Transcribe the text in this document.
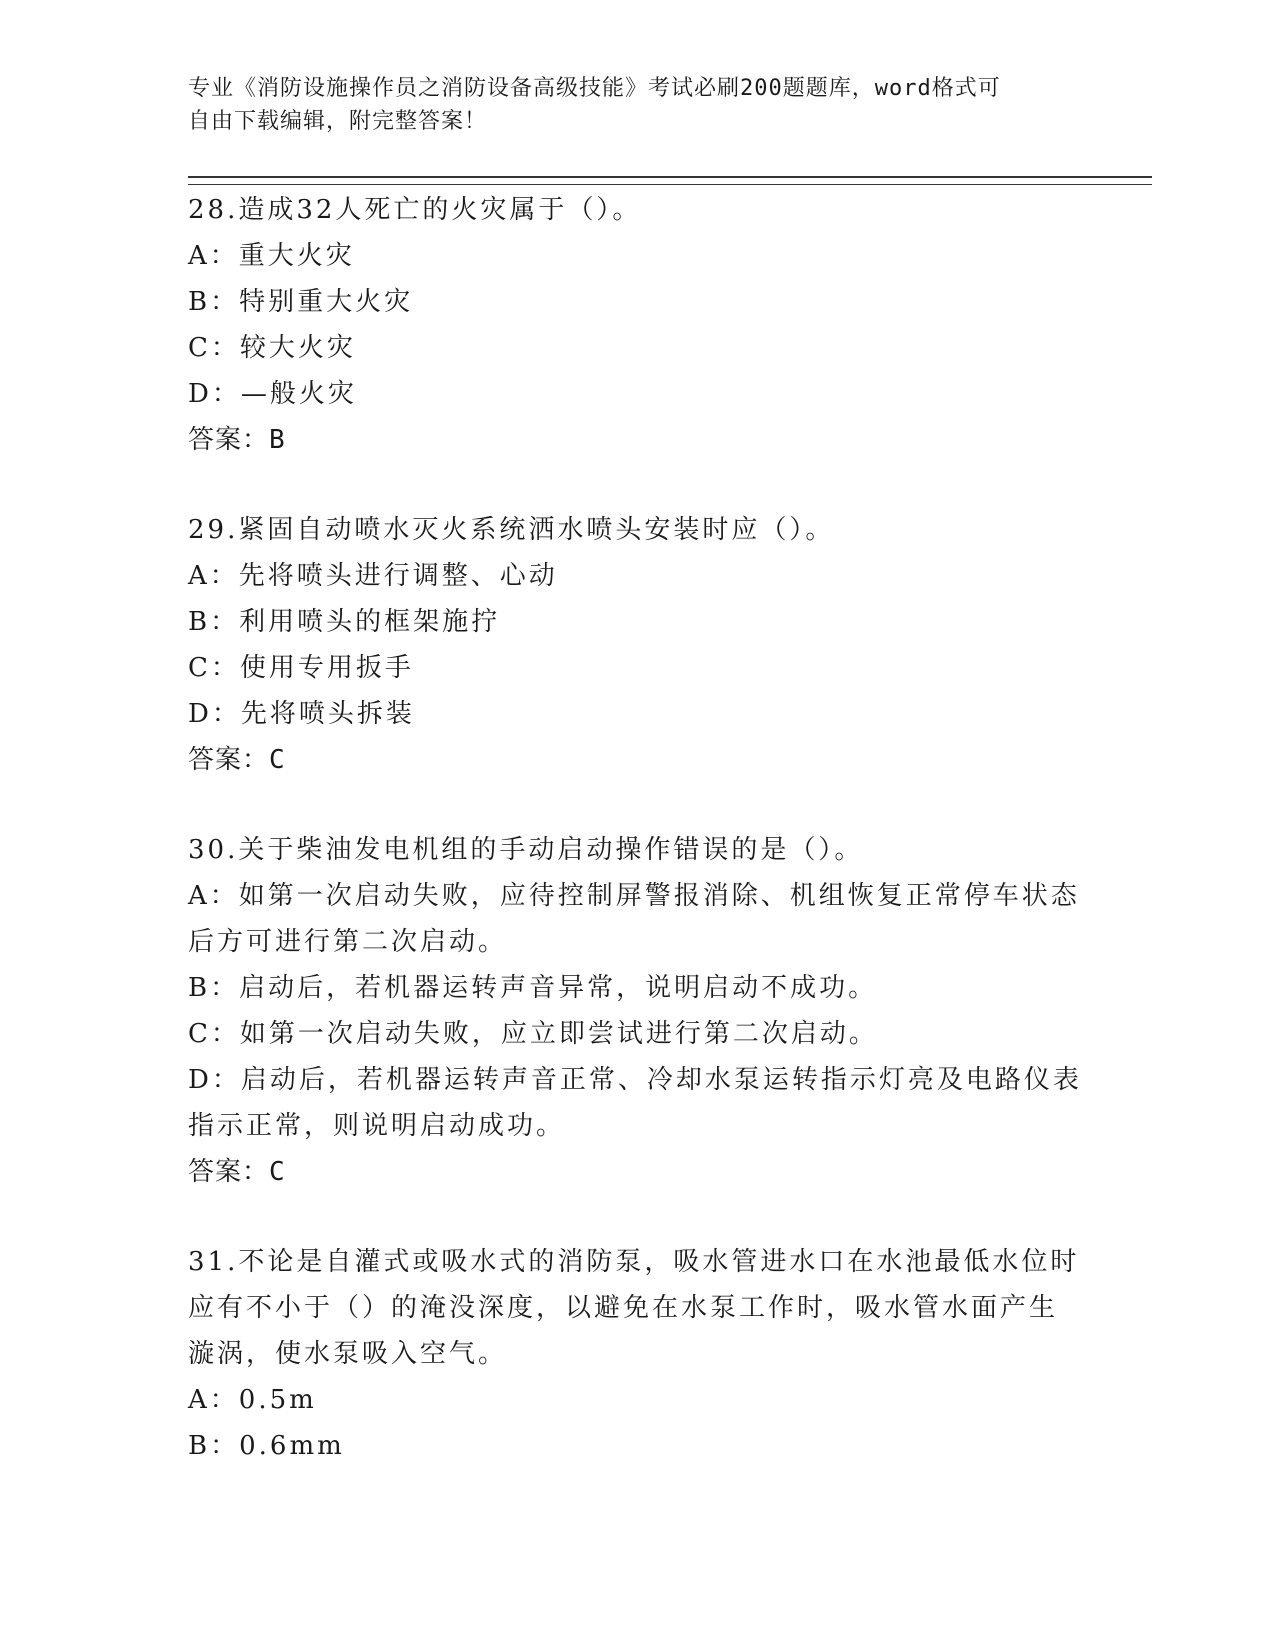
专业《消防设施操作员之消防设备高级技能》考试必刷200题题库，word格式可
自由下载编辑，附完整答案！
28.造成32人死亡的火灾属于（）。
A：重大火灾
B：特别重大火灾
C：较大火灾
D：—般火灾
答案：B
29.紧固自动喷水灭火系统洒水喷头安装时应（）。
A：先将喷头进行调整、心动
B：利用喷头的框架施拧
C：使用专用扳手
D：先将喷头拆装
答案：C
30.关于柴油发电机组的手动启动操作错误的是（）。
A：如第一次启动失败，应待控制屏警报消除、机组恢复正常停车状态
后方可进行第二次启动。
B：启动后，若机器运转声音异常，说明启动不成功。
C：如第一次启动失败，应立即尝试进行第二次启动。
D：启动后，若机器运转声音正常、冷却水泵运转指示灯亮及电路仪表
指示正常，则说明启动成功。
答案：C
31.不论是自灌式或吸水式的消防泵，吸水管进水口在水池最低水位时
应有不小于（）的淹没深度，以避免在水泵工作时，吸水管水面产生
漩涡，使水泵吸入空气。
A：0.5m
B：0.6mm
